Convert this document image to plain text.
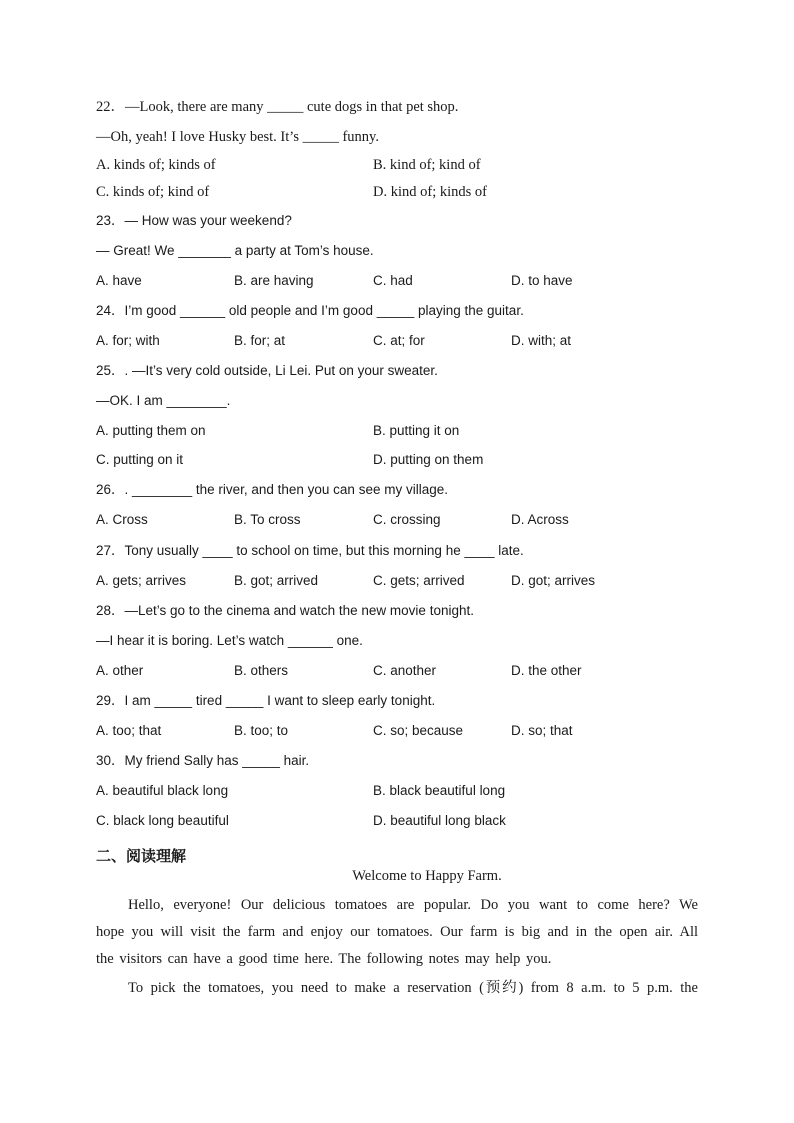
22．—Look, there are many _____ cute dogs in that pet shop.
—Oh, yeah! I love Husky best. It’s _____ funny.
A. kinds of; kinds of	B. kind of; kind of
C. kinds of; kind of	D. kind of; kinds of
23．— How was your weekend?
— Great! We _______ a party at Tom’s house.
A. have	B. are having	C. had	D. to have
24．I’m good ______ old people and I’m good _____ playing the guitar.
A. for; with	B. for; at	C. at; for	D. with; at
25．. —It’s very cold outside, Li Lei. Put on your sweater.
—OK. I am ________.
A. putting them on	B. putting it on
C. putting on it	D. putting on them
26．. ________ the river, and then you can see my village.
A. Cross	B. To cross	C. crossing	D. Across
27．Tony usually ____ to school on time, but this morning he ____ late.
A. gets; arrives	B. got; arrived	C. gets; arrived	D. got; arrives
28．—Let’s go to the cinema and watch the new movie tonight.
—I hear it is boring. Let’s watch ______ one.
A. other	B. others	C. another	D. the other
29．I am _____ tired _____ I want to sleep early tonight.
A. too; that	B. too; to	C. so; because	D. so; that
30．My friend Sally has _____ hair.
A. beautiful black long	B. black beautiful long
C. black long beautiful	D. beautiful long black
二、阅读理解
Welcome to Happy Farm.
Hello, everyone! Our delicious tomatoes are popular. Do you want to come here? We
hope you will visit the farm and enjoy our tomatoes. Our farm is big and in the open air. All
the visitors can have a good time here. The following notes may help you.
To pick the tomatoes, you need to make a reservation (预约) from 8 a.m. to 5 p.m. the
